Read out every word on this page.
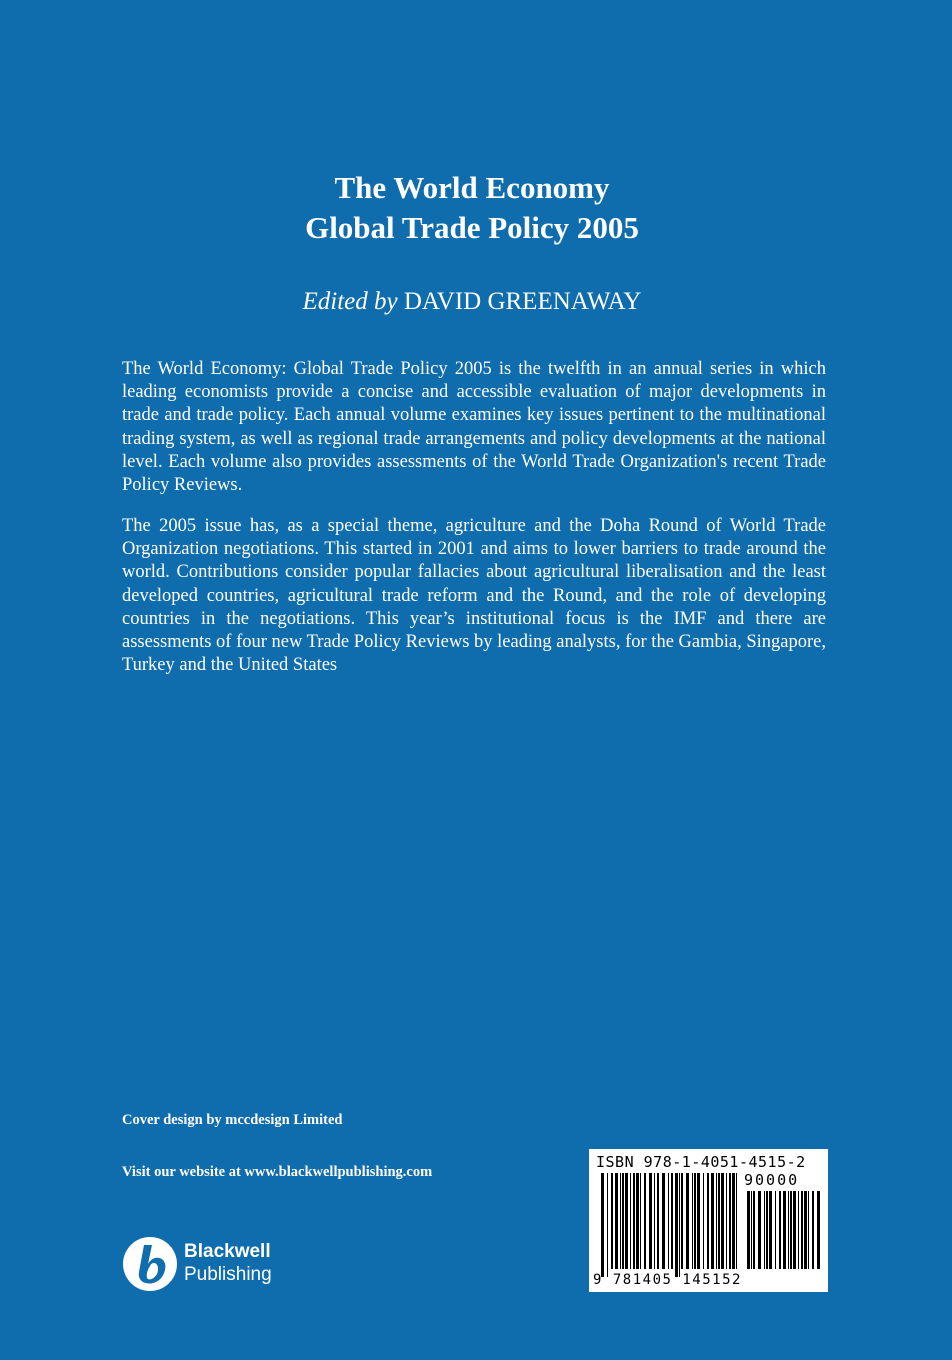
The World Economy
Global Trade Policy 2005
Edited by DAVID GREENAWAY

The World Economy: Global Trade Policy 2005 is the twelfth in an annual series in which leading economists provide a concise and accessible evaluation of major developments in trade and trade policy. Each annual volume examines key issues pertinent to the multinational trading system, as well as regional trade arrangements and policy developments at the national level. Each volume also provides assessments of the World Trade Organization's recent Trade Policy Reviews.

The 2005 issue has, as a special theme, agriculture and the Doha Round of World Trade Organization negotiations. This started in 2001 and aims to lower barriers to trade around the world. Contributions consider popular fallacies about agricultural liberalisation and the least developed countries, agricultural trade reform and the Round, and the role of developing countries in the negotiations. This year’s institutional focus is the IMF and there are assessments of four new Trade Policy Reviews by leading analysts, for the Gambia, Singapore, Turkey and the United States

Cover design by mccdesign Limited
Visit our website at www.blackwellpublishing.com
Blackwell
Publishing
ISBN 978-1-4051-4515-2
90000
9 781405 145152
